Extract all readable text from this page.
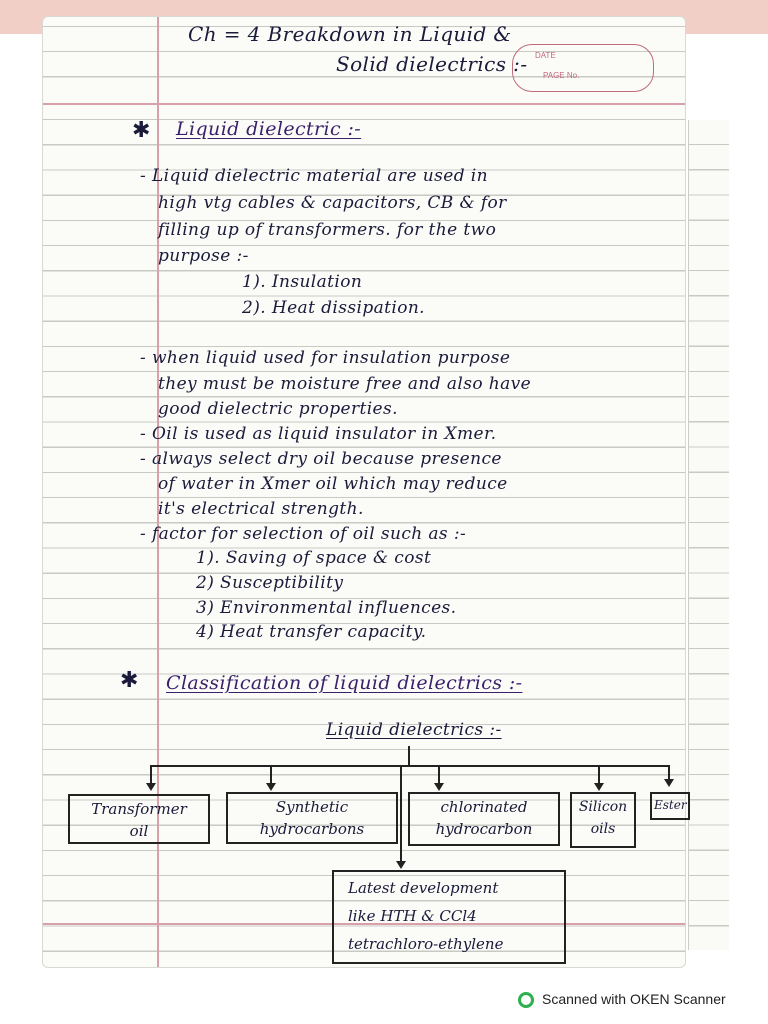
Ch = 4 Breakdown in Liquid &
Solid dielectrics :- DATE
PAGE No.
✱ Liquid dielectric :-
- Liquid dielectric material are used in
high vtg cables & capacitors, CB & for
filling up of transformers. for the two
purpose :-
1). Insulation
2). Heat dissipation.
- when liquid used for insulation purpose
they must be moisture free and also have
good dielectric properties.
- Oil is used as liquid insulator in Xmer.
- always select dry oil because presence
of water in Xmer oil which may reduce
it's electrical strength.
- factor for selection of oil such as :-
1). Saving of space & cost
2) Susceptibility
3) Environmental influences.
4) Heat transfer capacity.
✱ Classification of liquid dielectrics :-
Liquid dielectrics :-
Transformer
oil
Synthetic
hydrocarbons
chlorinated
hydrocarbon
Silicon
oils
Ester
Latest development
like HTH & CCl4
tetrachloro-ethylene
Scanned with OKEN Scanner
